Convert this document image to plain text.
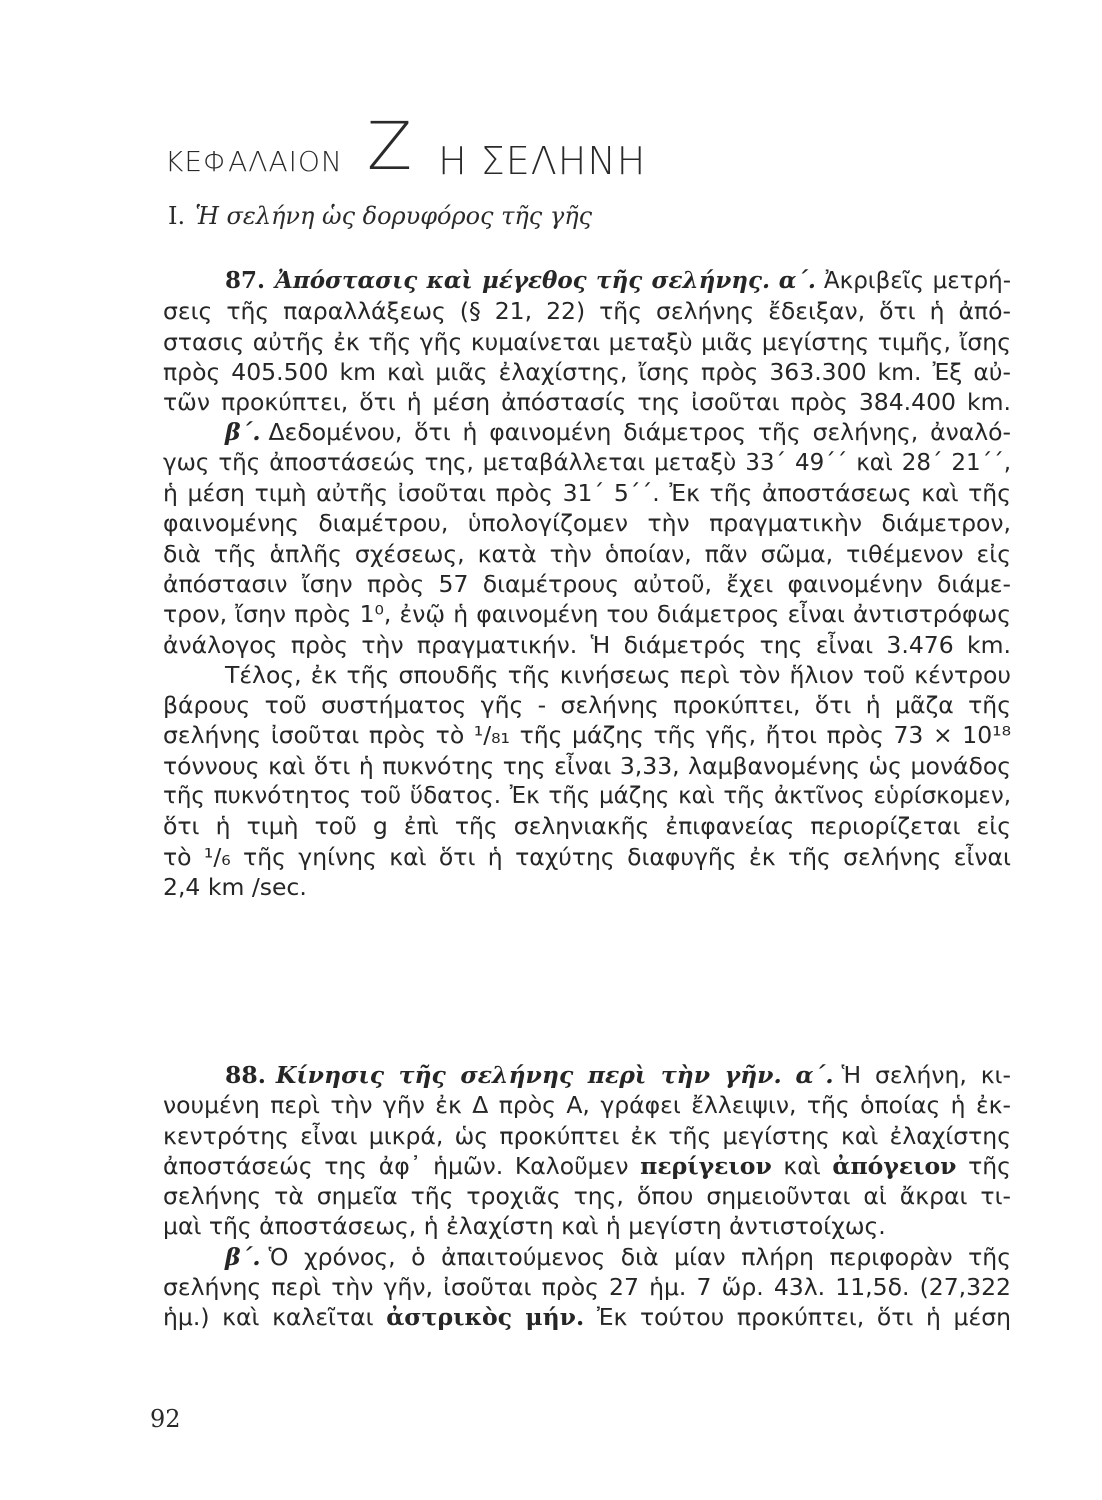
ΚΕΦΑΛΑΙΟΝ Ζ Η ΣΕΛΗΝΗ
Ι. Ἡ σελήνη ὡς δορυφόρος τῆς γῆς
87. Ἀπόστασις καὶ μέγεθος τῆς σελήνης. α΄. Ἀκριβεῖς μετρή-
σεις τῆς παραλλάξεως (§ 21, 22) τῆς σελήνης ἔδειξαν, ὅτι ἡ ἀπό-
στασις αὐτῆς ἐκ τῆς γῆς κυμαίνεται μεταξὺ μιᾶς μεγίστης τιμῆς, ἴσης
πρὸς 405.500 km καὶ μιᾶς ἐλαχίστης, ἴσης πρὸς 363.300 km. Ἐξ αὐ-
τῶν προκύπτει, ὅτι ἡ μέση ἀπόστασίς της ἰσοῦται πρὸς 384.400 km.
β΄. Δεδομένου, ὅτι ἡ φαινομένη διάμετρος τῆς σελήνης, ἀναλό-
γως τῆς ἀποστάσεώς της, μεταβάλλεται μεταξὺ 33΄ 49΄΄ καὶ 28΄ 21΄΄,
ἡ μέση τιμὴ αὐτῆς ἰσοῦται πρὸς 31΄ 5΄΄. Ἐκ τῆς ἀποστάσεως καὶ τῆς
φαινομένης διαμέτρου, ὑπολογίζομεν τὴν πραγματικὴν διάμετρον,
διὰ τῆς ἁπλῆς σχέσεως, κατὰ τὴν ὁποίαν, πᾶν σῶμα, τιθέμενον εἰς
ἀπόστασιν ἴσην πρὸς 57 διαμέτρους αὐτοῦ, ἔχει φαινομένην διάμε-
τρον, ἴσην πρὸς 1⁰, ἐνῷ ἡ φαινομένη του διάμετρος εἶναι ἀντιστρόφως
ἀνάλογος πρὸς τὴν πραγματικήν. Ἡ διάμετρός της εἶναι 3.476 km.
Τέλος, ἐκ τῆς σπουδῆς τῆς κινήσεως περὶ τὸν ἥλιον τοῦ κέντρου
βάρους τοῦ συστήματος γῆς - σελήνης προκύπτει, ὅτι ἡ μᾶζα τῆς
σελήνης ἰσοῦται πρὸς τὸ ¹/₈₁ τῆς μάζης τῆς γῆς, ἤτοι πρὸς 73 × 10¹⁸
τόννους καὶ ὅτι ἡ πυκνότης της εἶναι 3,33, λαμβανομένης ὡς μονάδος
τῆς πυκνότητος τοῦ ὕδατος. Ἐκ τῆς μάζης καὶ τῆς ἀκτῖνος εὑρίσκομεν,
ὅτι ἡ τιμὴ τοῦ g ἐπὶ τῆς σεληνιακῆς ἐπιφανείας περιορίζεται εἰς
τὸ ¹/₆ τῆς γηίνης καὶ ὅτι ἡ ταχύτης διαφυγῆς ἐκ τῆς σελήνης εἶναι
2,4 km /sec.
88. Κίνησις τῆς σελήνης περὶ τὴν γῆν. α΄. Ἡ σελήνη, κι-
νουμένη περὶ τὴν γῆν ἐκ Δ πρὸς Α, γράφει ἔλλειψιν, τῆς ὁποίας ἡ ἐκ-
κεντρότης εἶναι μικρά, ὡς προκύπτει ἐκ τῆς μεγίστης καὶ ἐλαχίστης
ἀποστάσεώς της ἀφ᾽ ἡμῶν. Καλοῦμεν περίγειον καὶ ἀπόγειον τῆς
σελήνης τὰ σημεῖα τῆς τροχιᾶς της, ὅπου σημειοῦνται αἱ ἄκραι τι-
μαὶ τῆς ἀποστάσεως, ἡ ἐλαχίστη καὶ ἡ μεγίστη ἀντιστοίχως.
β΄. Ὁ χρόνος, ὁ ἀπαιτούμενος διὰ μίαν πλήρη περιφορὰν τῆς
σελήνης περὶ τὴν γῆν, ἰσοῦται πρὸς 27 ἡμ. 7 ὥρ. 43λ. 11,5δ. (27,322
ἡμ.) καὶ καλεῖται ἀστρικὸς μήν. Ἐκ τούτου προκύπτει, ὅτι ἡ μέση
92
